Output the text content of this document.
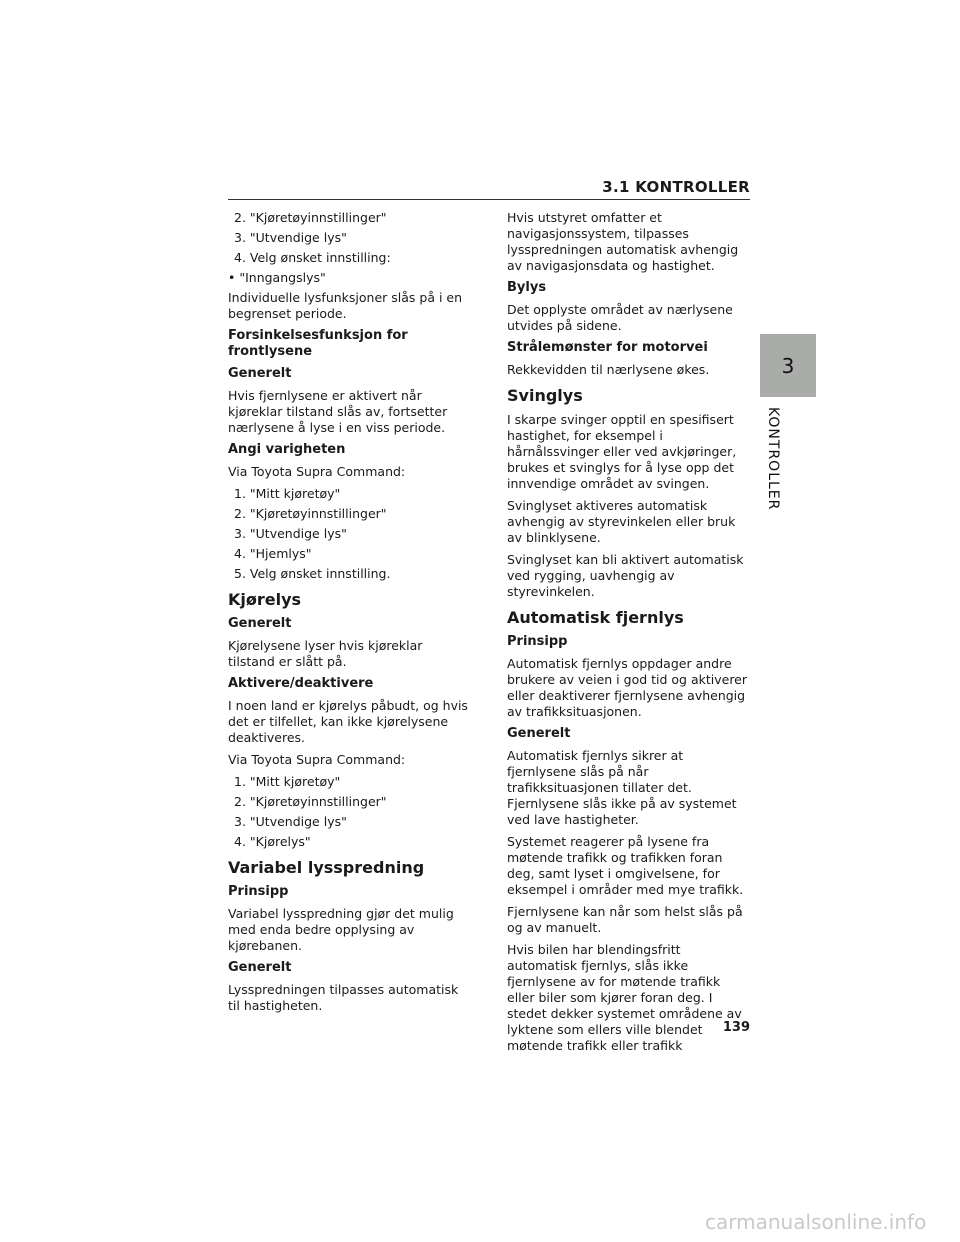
3.1 KONTROLLER
3
KONTROLLER
2. "Kjøretøyinnstillinger"
3. "Utvendige lys"
4. Velg ønsket innstilling:
• "Inngangslys"

Individuelle lysfunksjoner slås på i en begrenset periode.

Forsinkelsesfunksjon for frontlysene
Generelt

Hvis fjernlysene er aktivert når kjøreklar tilstand slås av, fortsetter nærlysene å lyse i en viss periode.

Angi varigheten

Via Toyota Supra Command:

1. "Mitt kjøretøy"
2. "Kjøretøyinnstillinger"
3. "Utvendige lys"
4. "Hjemlys"
5. Velg ønsket innstilling.
Kjørelys
Generelt

Kjørelysene lyser hvis kjøreklar tilstand er slått på.

Aktivere/deaktivere

I noen land er kjørelys påbudt, og hvis det er tilfellet, kan ikke kjørelysene deaktiveres.

Via Toyota Supra Command:

1. "Mitt kjøretøy"
2. "Kjøretøyinnstillinger"
3. "Utvendige lys"
4. "Kjørelys"
Variabel lysspredning
Prinsipp

Variabel lysspredning gjør det mulig med enda bedre opplysing av kjørebanen.

Generelt

Lysspredningen tilpasses automatisk til hastigheten.

Hvis utstyret omfatter et navigasjonssystem, tilpasses lysspredningen automatisk avhengig av navigasjonsdata og hastighet.

Bylys

Det opplyste området av nærlysene utvides på sidene.

Strålemønster for motorvei

Rekkevidden til nærlysene økes.

Svinglys

I skarpe svinger opptil en spesifisert hastighet, for eksempel i hårnålssvinger eller ved avkjøringer, brukes et svinglys for å lyse opp det innvendige området av svingen.

Svinglyset aktiveres automatisk avhengig av styrevinkelen eller bruk av blinklysene.

Svinglyset kan bli aktivert automatisk ved rygging, uavhengig av styrevinkelen.

Automatisk fjernlys
Prinsipp

Automatisk fjernlys oppdager andre brukere av veien i god tid og aktiverer eller deaktiverer fjernlysene avhengig av trafikksituasjonen.

Generelt

Automatisk fjernlys sikrer at fjernlysene slås på når trafikksituasjonen tillater det. Fjernlysene slås ikke på av systemet ved lave hastigheter.

Systemet reagerer på lysene fra møtende trafikk og trafikken foran deg, samt lyset i omgivelsene, for eksempel i områder med mye trafikk.

Fjernlysene kan når som helst slås på og av manuelt.

Hvis bilen har blendingsfritt automatisk fjernlys, slås ikke fjernlysene av for møtende trafikk eller biler som kjører foran deg. I stedet dekker systemet områdene av lyktene som ellers ville blendet møtende trafikk eller trafikk

139
carmanualsonline.info
